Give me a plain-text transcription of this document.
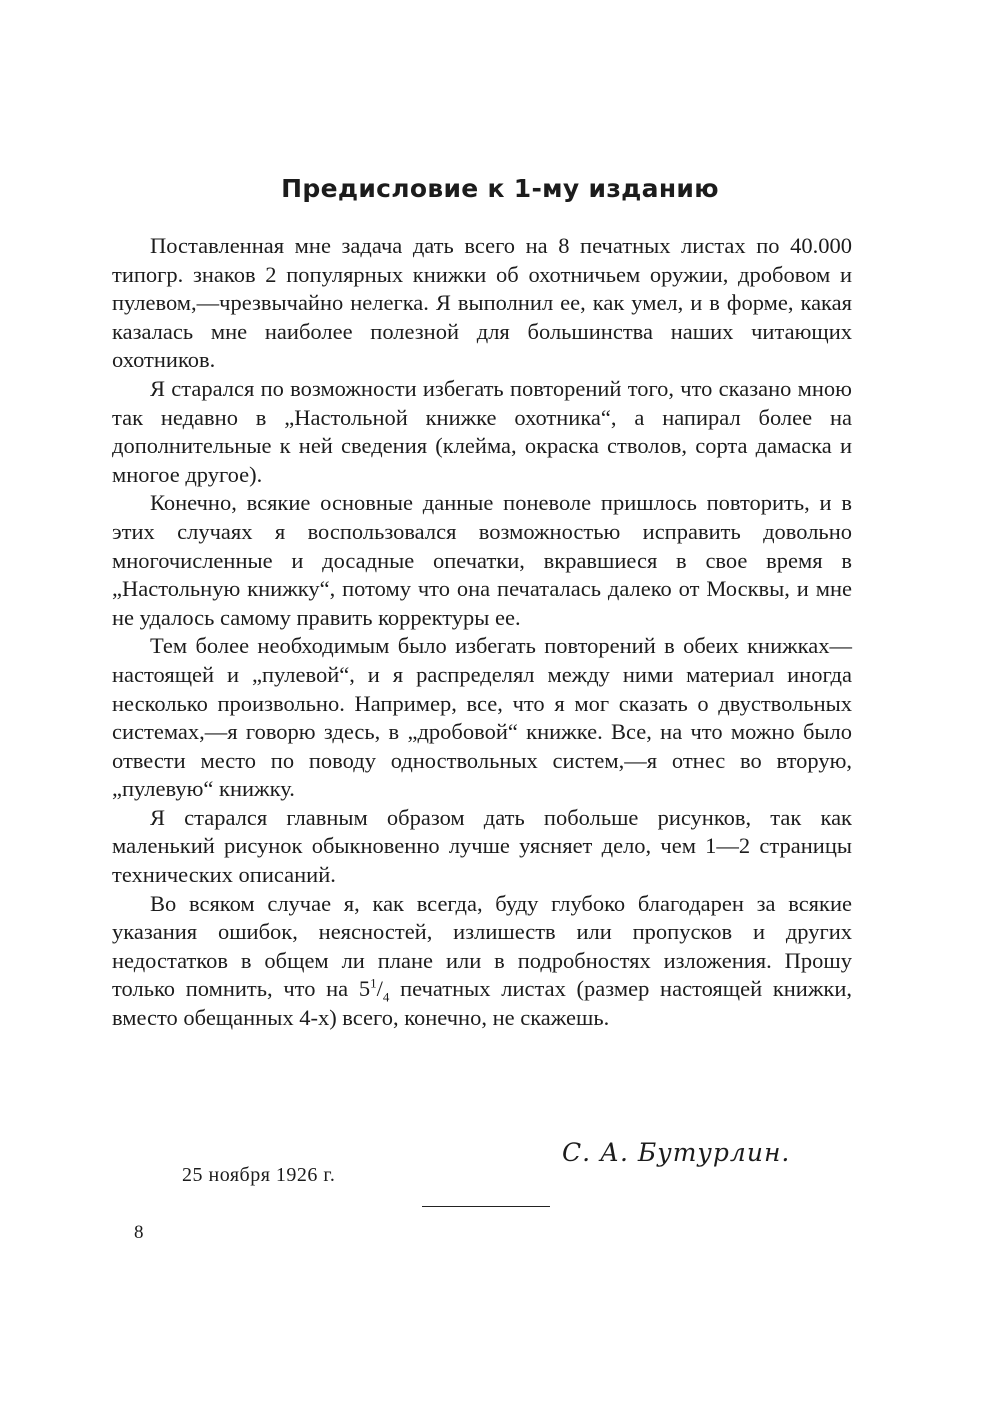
Предисловие к 1-му изданию

Поставленная мне задача дать всего на 8 печатных листах по 40.000 типогр. знаков 2 популярных книжки об охотничьем оружии, дробовом и пулевом,—чрезвычайно нелегка. Я выполнил ее, как умел, и в форме, какая казалась мне наиболее полезной для большинства наших читающих охотников.

Я старался по возможности избегать повторений того, что сказано мною так недавно в „Настольной книжке охотника“, а напирал более на дополнительные к ней сведения (клейма, окраска стволов, сорта дамаска и многое другое).

Конечно, всякие основные данные поневоле пришлось повторить, и в этих случаях я воспользовался возможностью исправить довольно многочисленные и досадные опечатки, вкравшиеся в свое время в „Настольную книжку“, потому что она печаталась далеко от Москвы, и мне не удалось самому править корректуры ее.

Тем более необходимым было избегать повторений в обеих книжках—настоящей и „пулевой“, и я распределял между ними материал иногда несколько произвольно. Например, все, что я мог сказать о двуствольных системах,—я говорю здесь, в „дробовой“ книжке. Все, на что можно было отвести место по поводу одноствольных систем,—я отнес во вторую, „пулевую“ книжку.

Я старался главным образом дать побольше рисунков, так как маленький рисунок обыкновенно лучше уясняет дело, чем 1—2 страницы технических описаний.

Во всяком случае я, как всегда, буду глубоко благодарен за всякие указания ошибок, неясностей, излишеств или пропусков и других недостатков в общем ли плане или в подробностях изложения. Прошу только помнить, что на $5^1/_4$ печатных листах (размер настоящей книжки, вместо обещанных 4-х) всего, конечно, не скажешь.

С. А. Бутурлин.
25 ноября 1926 г.
8
